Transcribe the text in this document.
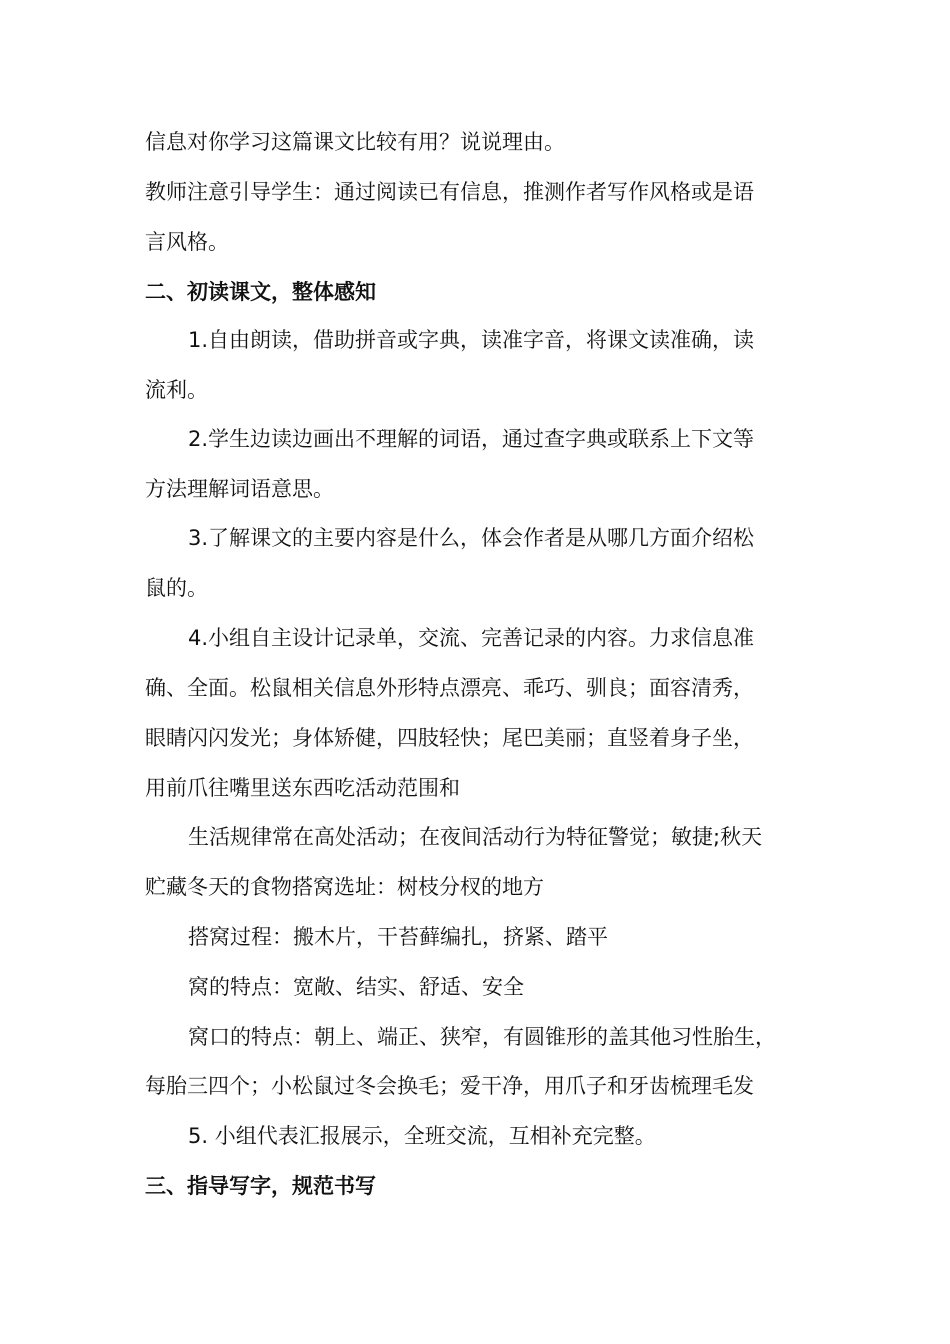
信息对你学习这篇课文比较有用？说说理由。
教师注意引导学生：通过阅读已有信息，推测作者写作风格或是语
言风格。
二、初读课文，整体感知
1.自由朗读，借助拼音或字典，读准字音，将课文读准确，读
流利。
2.学生边读边画出不理解的词语，通过查字典或联系上下文等
方法理解词语意思。
3.了解课文的主要内容是什么，体会作者是从哪几方面介绍松
鼠的。
4.小组自主设计记录单，交流、完善记录的内容。力求信息准
确、全面。松鼠相关信息外形特点漂亮、乖巧、驯良；面容清秀，
眼睛闪闪发光；身体矫健，四肢轻快；尾巴美丽；直竖着身子坐，
用前爪往嘴里送东西吃活动范围和
生活规律常在高处活动；在夜间活动行为特征警觉；敏捷;秋天
贮藏冬天的食物搭窝选址：树枝分杈的地方
搭窝过程：搬木片，干苔藓编扎，挤紧、踏平
窝的特点：宽敞、结实、舒适、安全
窝口的特点：朝上、端正、狭窄，有圆锥形的盖其他习性胎生，
每胎三四个；小松鼠过冬会换毛；爱干净，用爪子和牙齿梳理毛发
5. 小组代表汇报展示，全班交流，互相补充完整。
三、指导写字，规范书写
